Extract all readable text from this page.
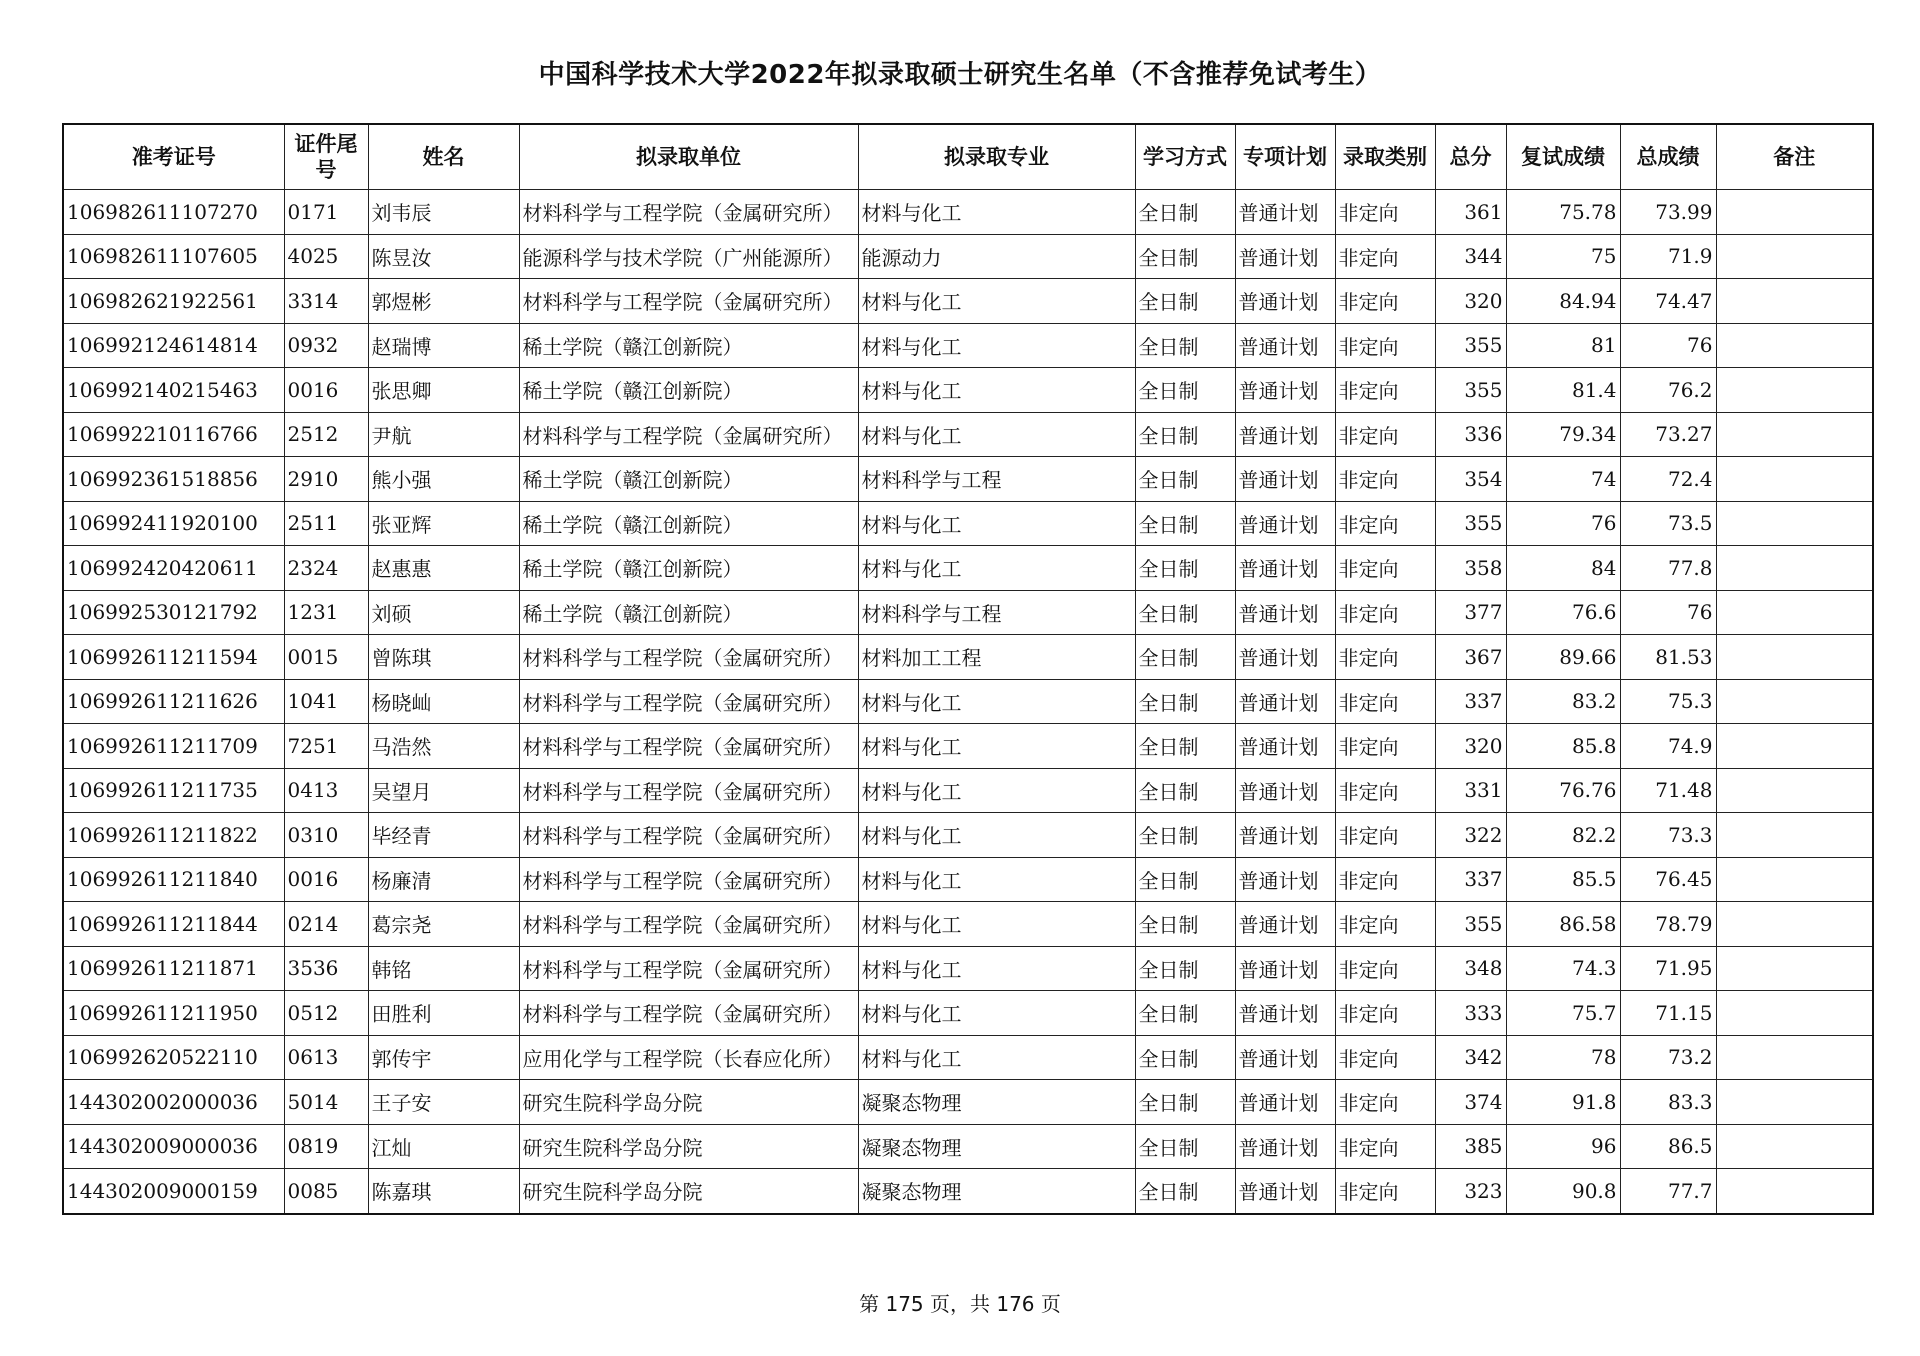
中国科学技术大学2022年拟录取硕士研究生名单（不含推荐免试考生）
准考证号	证件尾号	姓名	拟录取单位	拟录取专业	学习方式	专项计划	录取类别	总分	复试成绩	总成绩	备注
106982611107270	0171	刘韦辰	材料科学与工程学院（金属研究所）	材料与化工	全日制	普通计划	非定向	361	75.78	73.99	
106982611107605	4025	陈昱汝	能源科学与技术学院（广州能源所）	能源动力	全日制	普通计划	非定向	344	75	71.9	
106982621922561	3314	郭煜彬	材料科学与工程学院（金属研究所）	材料与化工	全日制	普通计划	非定向	320	84.94	74.47	
106992124614814	0932	赵瑞博	稀土学院（赣江创新院）	材料与化工	全日制	普通计划	非定向	355	81	76	
106992140215463	0016	张思卿	稀土学院（赣江创新院）	材料与化工	全日制	普通计划	非定向	355	81.4	76.2	
106992210116766	2512	尹航	材料科学与工程学院（金属研究所）	材料与化工	全日制	普通计划	非定向	336	79.34	73.27	
106992361518856	2910	熊小强	稀土学院（赣江创新院）	材料科学与工程	全日制	普通计划	非定向	354	74	72.4	
106992411920100	2511	张亚辉	稀土学院（赣江创新院）	材料与化工	全日制	普通计划	非定向	355	76	73.5	
106992420420611	2324	赵惠惠	稀土学院（赣江创新院）	材料与化工	全日制	普通计划	非定向	358	84	77.8	
106992530121792	1231	刘硕	稀土学院（赣江创新院）	材料科学与工程	全日制	普通计划	非定向	377	76.6	76	
106992611211594	0015	曾陈琪	材料科学与工程学院（金属研究所）	材料加工工程	全日制	普通计划	非定向	367	89.66	81.53	
106992611211626	1041	杨晓屾	材料科学与工程学院（金属研究所）	材料与化工	全日制	普通计划	非定向	337	83.2	75.3	
106992611211709	7251	马浩然	材料科学与工程学院（金属研究所）	材料与化工	全日制	普通计划	非定向	320	85.8	74.9	
106992611211735	0413	吴望月	材料科学与工程学院（金属研究所）	材料与化工	全日制	普通计划	非定向	331	76.76	71.48	
106992611211822	0310	毕经青	材料科学与工程学院（金属研究所）	材料与化工	全日制	普通计划	非定向	322	82.2	73.3	
106992611211840	0016	杨廉清	材料科学与工程学院（金属研究所）	材料与化工	全日制	普通计划	非定向	337	85.5	76.45	
106992611211844	0214	葛宗尧	材料科学与工程学院（金属研究所）	材料与化工	全日制	普通计划	非定向	355	86.58	78.79	
106992611211871	3536	韩铭	材料科学与工程学院（金属研究所）	材料与化工	全日制	普通计划	非定向	348	74.3	71.95	
106992611211950	0512	田胜利	材料科学与工程学院（金属研究所）	材料与化工	全日制	普通计划	非定向	333	75.7	71.15	
106992620522110	0613	郭传宇	应用化学与工程学院（长春应化所）	材料与化工	全日制	普通计划	非定向	342	78	73.2	
144302002000036	5014	王子安	研究生院科学岛分院	凝聚态物理	全日制	普通计划	非定向	374	91.8	83.3	
144302009000036	0819	江灿	研究生院科学岛分院	凝聚态物理	全日制	普通计划	非定向	385	96	86.5	
144302009000159	0085	陈嘉琪	研究生院科学岛分院	凝聚态物理	全日制	普通计划	非定向	323	90.8	77.7	
第 175 页，共 176 页
